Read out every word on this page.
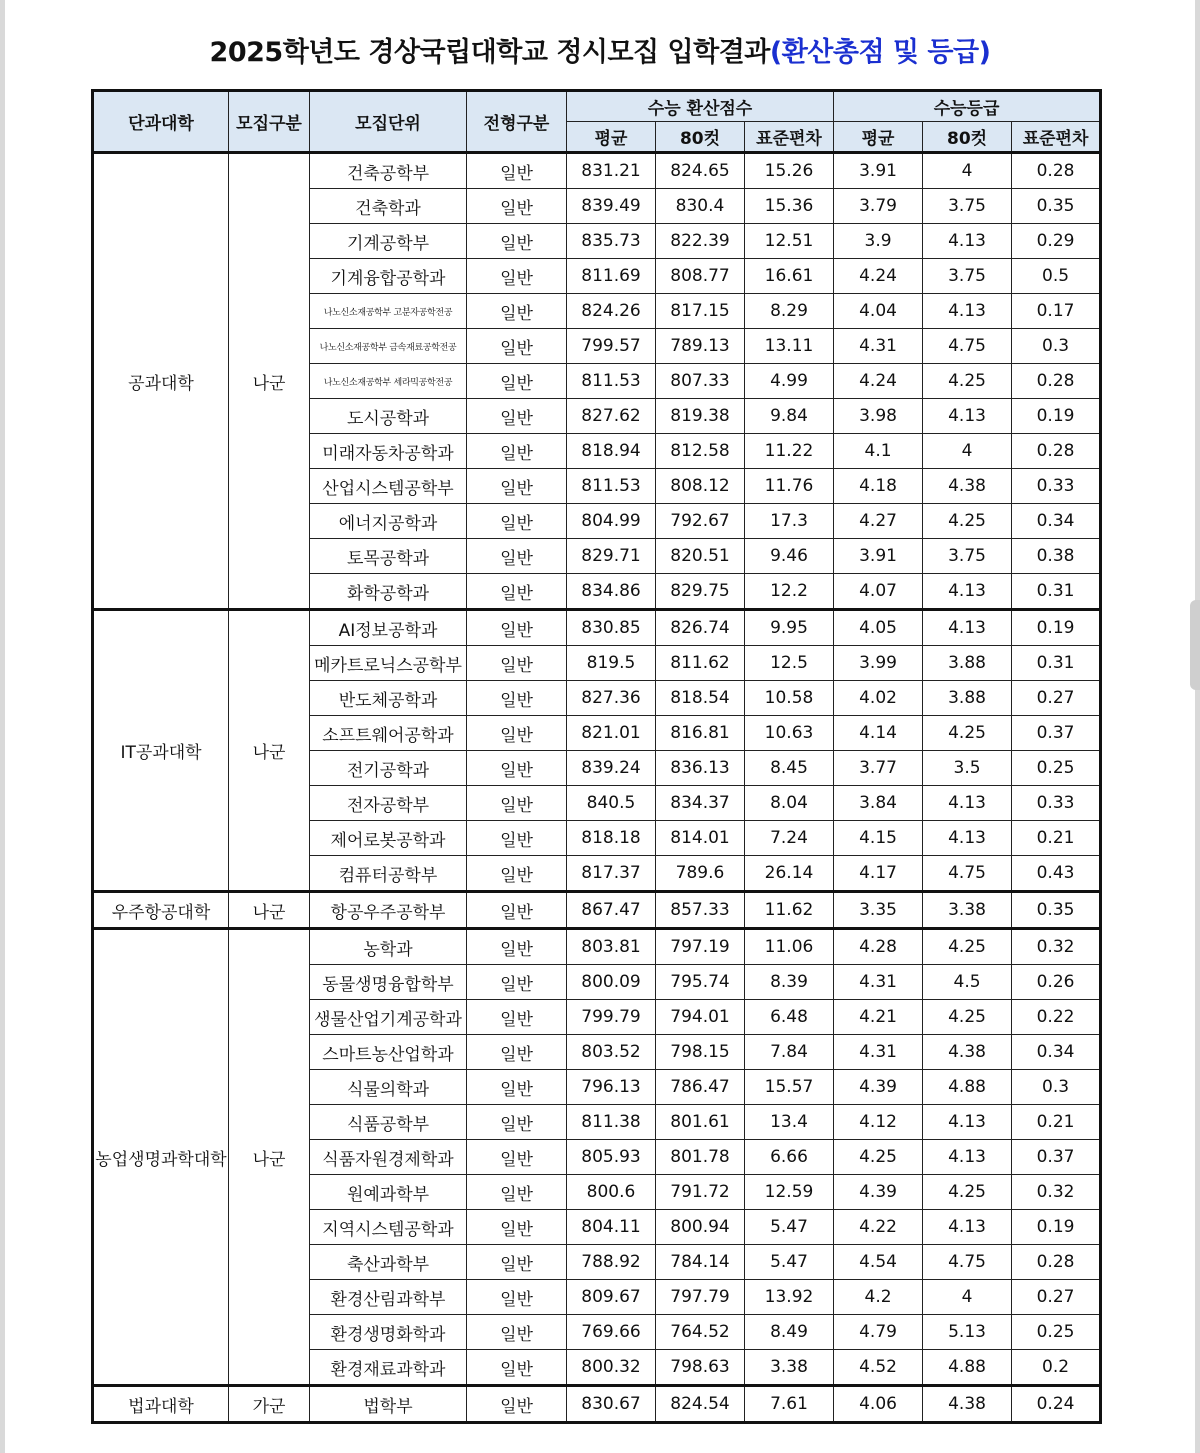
2025학년도 경상국립대학교 정시모집 입학결과(환산총점 및 등급)
단과대학	모집구분	모집단위	전형구분	수능 환산점수			수능등급		
				평균	80컷	표준편차	평균	80컷	표준편차
공과대학	나군	건축공학부	일반	831.21	824.65	15.26	3.91	4	0.28
		건축학과	일반	839.49	830.4	15.36	3.79	3.75	0.35
		기계공학부	일반	835.73	822.39	12.51	3.9	4.13	0.29
		기계융합공학과	일반	811.69	808.77	16.61	4.24	3.75	0.5
		나노신소재공학부 고분자공학전공	일반	824.26	817.15	8.29	4.04	4.13	0.17
		나노신소재공학부 금속재료공학전공	일반	799.57	789.13	13.11	4.31	4.75	0.3
		나노신소재공학부 세라믹공학전공	일반	811.53	807.33	4.99	4.24	4.25	0.28
		도시공학과	일반	827.62	819.38	9.84	3.98	4.13	0.19
		미래자동차공학과	일반	818.94	812.58	11.22	4.1	4	0.28
		산업시스템공학부	일반	811.53	808.12	11.76	4.18	4.38	0.33
		에너지공학과	일반	804.99	792.67	17.3	4.27	4.25	0.34
		토목공학과	일반	829.71	820.51	9.46	3.91	3.75	0.38
		화학공학과	일반	834.86	829.75	12.2	4.07	4.13	0.31
IT공과대학	나군	AI정보공학과	일반	830.85	826.74	9.95	4.05	4.13	0.19
		메카트로닉스공학부	일반	819.5	811.62	12.5	3.99	3.88	0.31
		반도체공학과	일반	827.36	818.54	10.58	4.02	3.88	0.27
		소프트웨어공학과	일반	821.01	816.81	10.63	4.14	4.25	0.37
		전기공학과	일반	839.24	836.13	8.45	3.77	3.5	0.25
		전자공학부	일반	840.5	834.37	8.04	3.84	4.13	0.33
		제어로봇공학과	일반	818.18	814.01	7.24	4.15	4.13	0.21
		컴퓨터공학부	일반	817.37	789.6	26.14	4.17	4.75	0.43
우주항공대학	나군	항공우주공학부	일반	867.47	857.33	11.62	3.35	3.38	0.35
농업생명과학대학	나군	농학과	일반	803.81	797.19	11.06	4.28	4.25	0.32
		동물생명융합학부	일반	800.09	795.74	8.39	4.31	4.5	0.26
		생물산업기계공학과	일반	799.79	794.01	6.48	4.21	4.25	0.22
		스마트농산업학과	일반	803.52	798.15	7.84	4.31	4.38	0.34
		식물의학과	일반	796.13	786.47	15.57	4.39	4.88	0.3
		식품공학부	일반	811.38	801.61	13.4	4.12	4.13	0.21
		식품자원경제학과	일반	805.93	801.78	6.66	4.25	4.13	0.37
		원예과학부	일반	800.6	791.72	12.59	4.39	4.25	0.32
		지역시스템공학과	일반	804.11	800.94	5.47	4.22	4.13	0.19
		축산과학부	일반	788.92	784.14	5.47	4.54	4.75	0.28
		환경산림과학부	일반	809.67	797.79	13.92	4.2	4	0.27
		환경생명화학과	일반	769.66	764.52	8.49	4.79	5.13	0.25
		환경재료과학과	일반	800.32	798.63	3.38	4.52	4.88	0.2
법과대학	가군	법학부	일반	830.67	824.54	7.61	4.06	4.38	0.24
